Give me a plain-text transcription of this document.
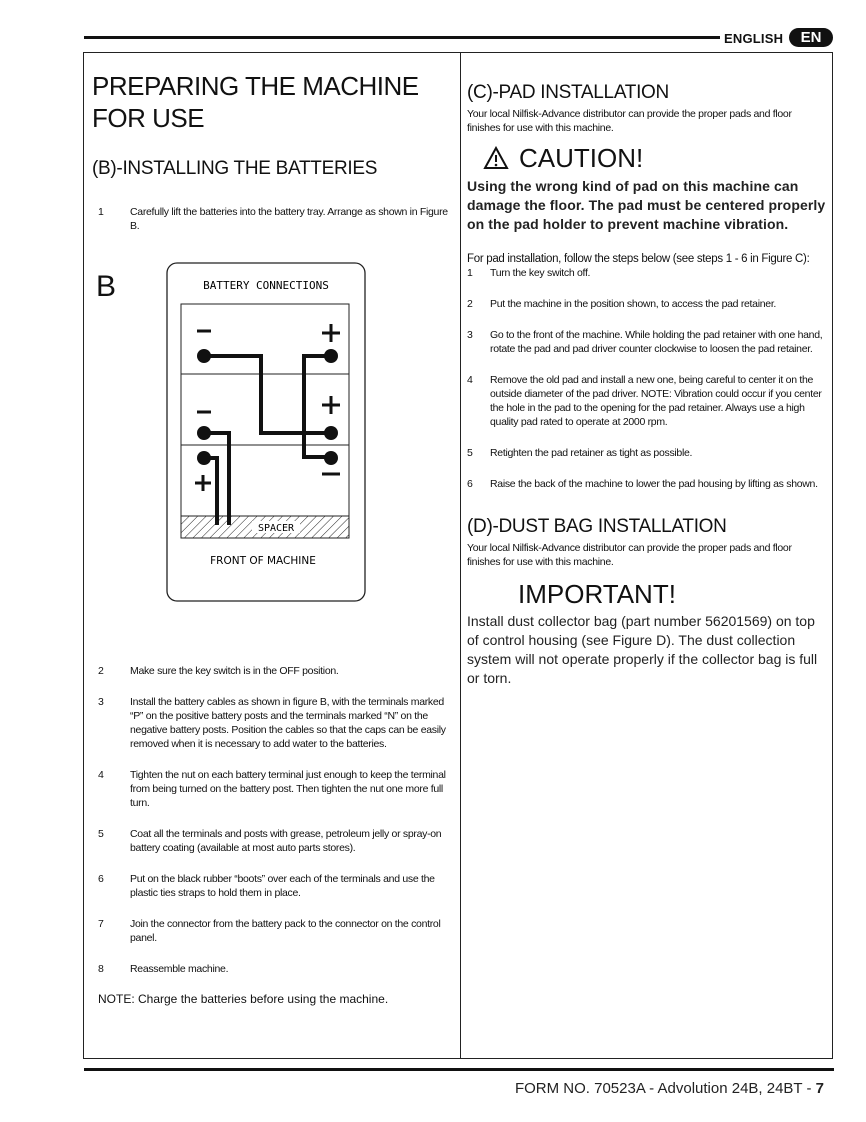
ENGLISH	EN
PREPARING THE MACHINE
FOR USE
(B)-INSTALLING THE BATTERIES
1	Carefully lift the batteries into the battery tray. Arrange as shown in Figure B.
B	BATTERY CONNECTIONS
SPACER
FRONT OF MACHINE
2	Make sure the key switch is in the OFF position.
3	Install the battery cables as shown in figure B, with the terminals marked “P” on the positive battery posts and the terminals marked “N” on the negative battery posts. Position the cables so that the caps can be easily removed when it is necessary to add water to the batteries.
4	Tighten the nut on each battery terminal just enough to keep the terminal from being turned on the battery post. Then tighten the nut one more full turn.
5	Coat all the terminals and posts with grease, petroleum jelly or spray-on battery coating (available at most auto parts stores).
6	Put on the black rubber “boots” over each of the terminals and use the plastic ties straps to hold them in place.
7	Join the connector from the battery pack to the connector on the control panel.
8	Reassemble machine.
NOTE: Charge the batteries before using the machine.
(C)-PAD INSTALLATION
Your local Nilfisk-Advance distributor can provide the proper pads and floor finishes for use with this machine.
CAUTION!
Using the wrong kind of pad on this machine can damage the floor. The pad must be centered properly on the pad holder to prevent machine vibration.
For pad installation, follow the steps below (see steps 1 - 6 in Figure C):
1 Turn the key switch off.
2 Put the machine in the position shown, to access the pad retainer.
3 Go to the front of the machine. While holding the pad retainer with one hand, rotate the pad and pad driver counter clockwise to loosen the pad retainer.
4 Remove the old pad and install a new one, being careful to center it on the outside diameter of the pad driver. NOTE: Vibration could occur if you center the hole in the pad to the opening for the pad retainer. Always use a high quality pad rated to operate at 2000 rpm.
5 Retighten the pad retainer as tight as possible.
6 Raise the back of the machine to lower the pad housing by lifting as shown.
(D)-DUST BAG INSTALLATION
Your local Nilfisk-Advance distributor can provide the proper pads and floor finishes for use with this machine.
IMPORTANT!
Install dust collector bag (part number 56201569) on top of control housing (see Figure D). The dust collection system will not operate properly if the collector bag is full or torn.
FORM NO. 70523A - Advolution 24B, 24BT - 7
